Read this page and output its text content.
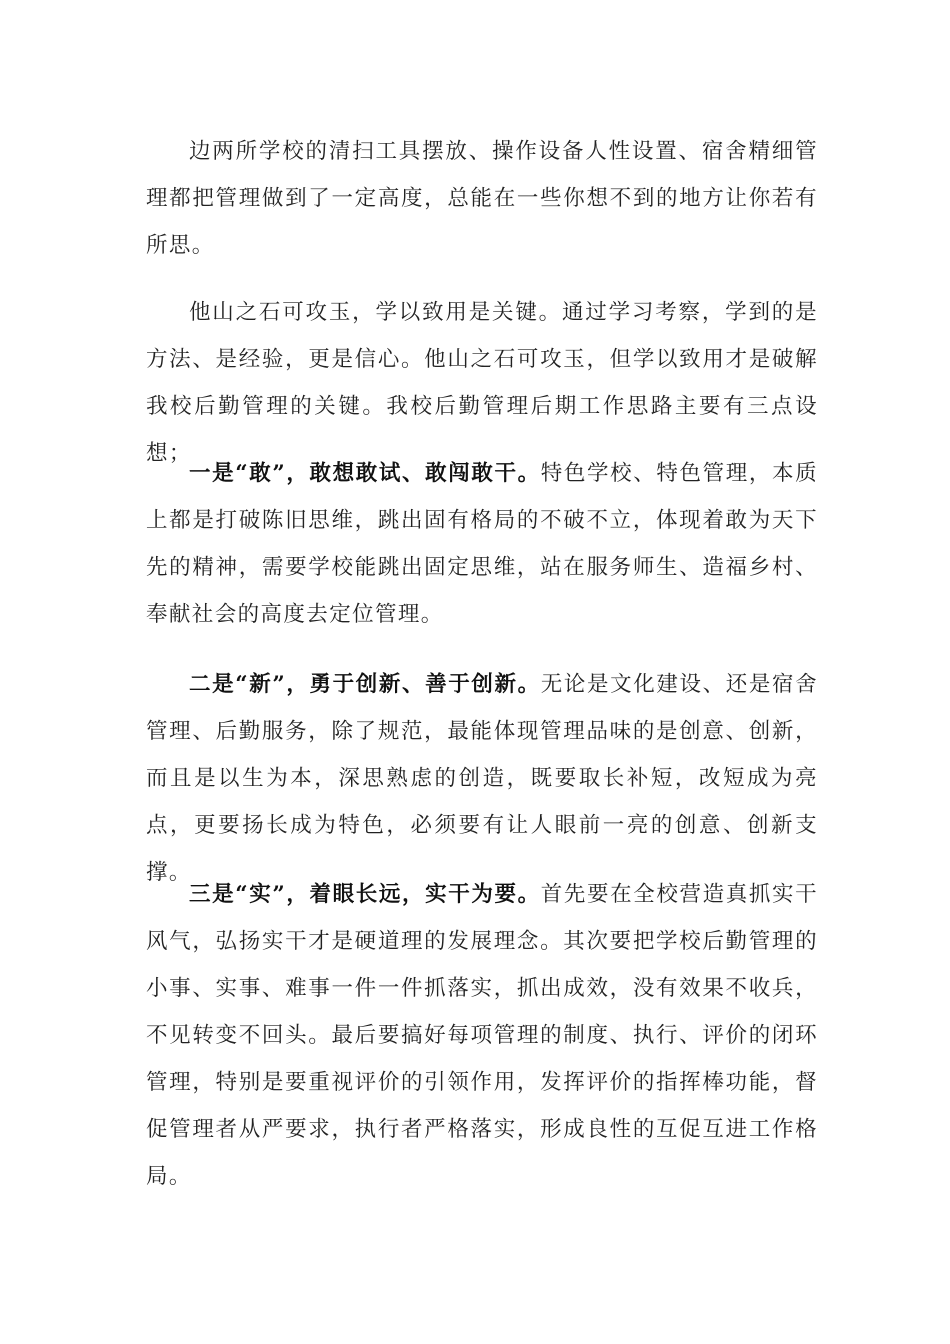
边两所学校的清扫工具摆放、操作设备人性设置、宿舍精细管理都把管理做到了一定高度，总能在一些你想不到的地方让你若有所思。

他山之石可攻玉，学以致用是关键。通过学习考察，学到的是方法、是经验，更是信心。他山之石可攻玉，但学以致用才是破解我校后勤管理的关键。我校后勤管理后期工作思路主要有三点设想；

一是“敢”，敢想敢试、敢闯敢干。特色学校、特色管理，本质上都是打破陈旧思维，跳出固有格局的不破不立，体现着敢为天下先的精神，需要学校能跳出固定思维，站在服务师生、造福乡村、奉献社会的高度去定位管理。

二是“新”，勇于创新、善于创新。无论是文化建设、还是宿舍管理、后勤服务，除了规范，最能体现管理品味的是创意、创新，而且是以生为本，深思熟虑的创造，既要取长补短，改短成为亮点，更要扬长成为特色，必须要有让人眼前一亮的创意、创新支撑。

三是“实”，着眼长远，实干为要。首先要在全校营造真抓实干风气，弘扬实干才是硬道理的发展理念。其次要把学校后勤管理的小事、实事、难事一件一件抓落实，抓出成效，没有效果不收兵，不见转变不回头。最后要搞好每项管理的制度、执行、评价的闭环管理，特别是要重视评价的引领作用，发挥评价的指挥棒功能，督促管理者从严要求，执行者严格落实，形成良性的互促互进工作格局。
